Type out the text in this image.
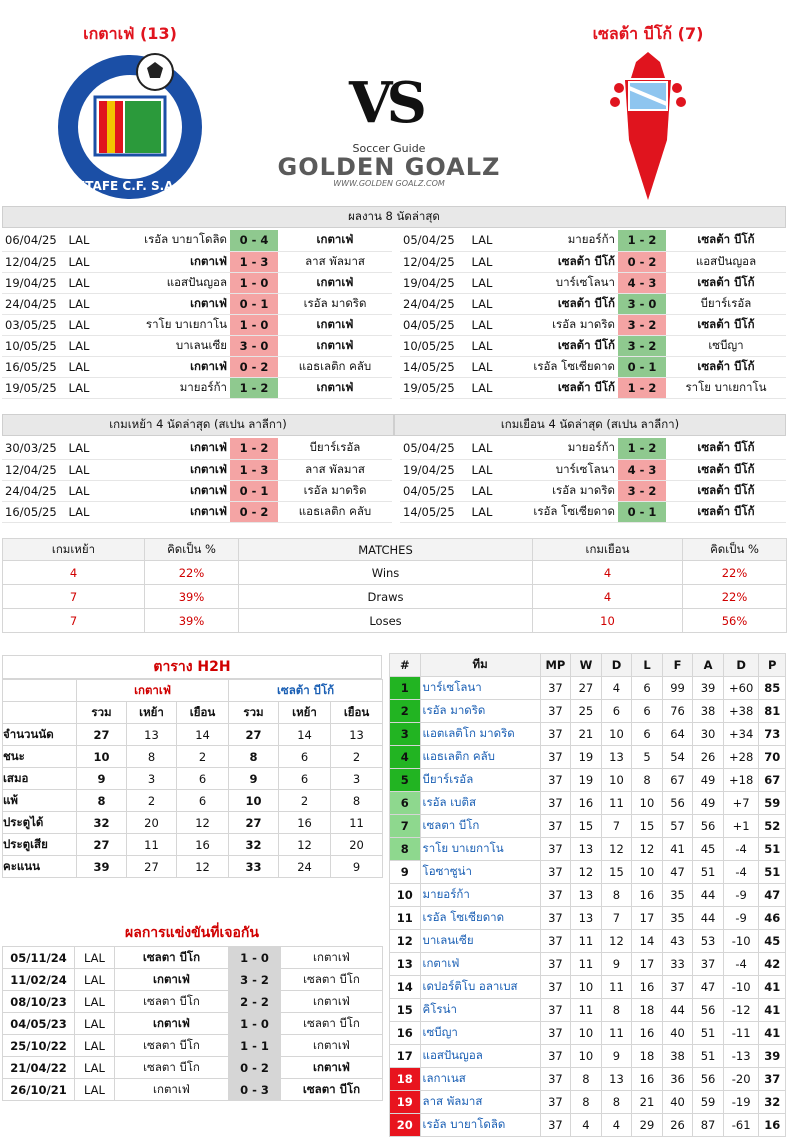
เกตาเฟ่ (13)	เซลต้า บีโก้ (7)
GETAFE C.F. S.A.D.
VS
Soccer Guide
GOLDEN GOALZ
WWW.GOLDEN GOALZ.COM
ผลงาน 8 นัดล่าสุด
06/04/25	LAL	เรอัล บายาโดลิด	0 - 4	เกตาเฟ่
12/04/25	LAL	เกตาเฟ่	1 - 3	ลาส พัลมาส
19/04/25	LAL	แอสปันญอล	1 - 0	เกตาเฟ่
24/04/25	LAL	เกตาเฟ่	0 - 1	เรอัล มาดริด
03/05/25	LAL	ราโย บาเยกาโน	1 - 0	เกตาเฟ่
10/05/25	LAL	บาเลนเซีย	3 - 0	เกตาเฟ่
16/05/25	LAL	เกตาเฟ่	0 - 2	แอธเลติก คลับ
19/05/25	LAL	มายอร์ก้า	1 - 2	เกตาเฟ่
05/04/25	LAL	มายอร์ก้า	1 - 2	เซลต้า บีโก้
12/04/25	LAL	เซลต้า บีโก้	0 - 2	แอสปันญอล
19/04/25	LAL	บาร์เซโลนา	4 - 3	เซลต้า บีโก้
24/04/25	LAL	เซลต้า บีโก้	3 - 0	บียาร์เรอัล
04/05/25	LAL	เรอัล มาดริด	3 - 2	เซลต้า บีโก้
10/05/25	LAL	เซลต้า บีโก้	3 - 2	เซบีญา
14/05/25	LAL	เรอัล โซเซียดาด	0 - 1	เซลต้า บีโก้
19/05/25	LAL	เซลต้า บีโก้	1 - 2	ราโย บาเยกาโน
เกมเหย้า 4 นัดล่าสุด (สเปน ลาลีกา)	เกมเยือน 4 นัดล่าสุด (สเปน ลาลีกา)
30/03/25	LAL	เกตาเฟ่	1 - 2	บียาร์เรอัล
12/04/25	LAL	เกตาเฟ่	1 - 3	ลาส พัลมาส
24/04/25	LAL	เกตาเฟ่	0 - 1	เรอัล มาดริด
16/05/25	LAL	เกตาเฟ่	0 - 2	แอธเลติก คลับ
05/04/25	LAL	มายอร์ก้า	1 - 2	เซลต้า บีโก้
19/04/25	LAL	บาร์เซโลนา	4 - 3	เซลต้า บีโก้
04/05/25	LAL	เรอัล มาดริด	3 - 2	เซลต้า บีโก้
14/05/25	LAL	เรอัล โซเซียดาด	0 - 1	เซลต้า บีโก้
เกมเหย้า	คิดเป็น %	MATCHES	เกมเยือน	คิดเป็น %
4	22%	Wins	4	22%
7	39%	Draws	4	22%
7	39%	Loses	10	56%
ตาราง H2H
	เกตาเฟ่			เซลต้า บีโก้		
	รวม	เหย้า	เยือน	รวม	เหย้า	เยือน
จำนวนนัด	27	13	14	27	14	13
ชนะ	10	8	2	8	6	2
เสมอ	9	3	6	9	6	3
แพ้	8	2	6	10	2	8
ประตูได้	32	20	12	27	16	11
ประตูเสีย	27	11	16	32	12	20
คะแนน	39	27	12	33	24	9

ผลการแข่งขันที่เจอกัน
05/11/24	LAL	เซลตา บีโก	1 - 0	เกตาเฟ่
11/02/24	LAL	เกตาเฟ่	3 - 2	เซลตา บีโก
08/10/23	LAL	เซลตา บีโก	2 - 2	เกตาเฟ่
04/05/23	LAL	เกตาเฟ่	1 - 0	เซลตา บีโก
25/10/22	LAL	เซลตา บีโก	1 - 1	เกตาเฟ่
21/04/22	LAL	เซลตา บีโก	0 - 2	เกตาเฟ่
26/10/21	LAL	เกตาเฟ่	0 - 3	เซลตา บีโก
#	ทีม	MP	W	D	L	F	A	D	P
1	บาร์เซโลนา	37	27	4	6	99	39	+60	85
2	เรอัล มาดริด	37	25	6	6	76	38	+38	81
3	แอตเลติโก มาดริด	37	21	10	6	64	30	+34	73
4	แอธเลติก คลับ	37	19	13	5	54	26	+28	70
5	บียาร์เรอัล	37	19	10	8	67	49	+18	67
6	เรอัล เบติส	37	16	11	10	56	49	+7	59
7	เซลตา บีโก	37	15	7	15	57	56	+1	52
8	ราโย บาเยกาโน	37	13	12	12	41	45	-4	51
9	โอซาซูน่า	37	12	15	10	47	51	-4	51
10	มายอร์ก้า	37	13	8	16	35	44	-9	47
11	เรอัล โซเซียดาด	37	13	7	17	35	44	-9	46
12	บาเลนเซีย	37	11	12	14	43	53	-10	45
13	เกตาเฟ่	37	11	9	17	33	37	-4	42
14	เดปอร์ติโบ อลาเบส	37	10	11	16	37	47	-10	41
15	คิโรน่า	37	11	8	18	44	56	-12	41
16	เซบีญา	37	10	11	16	40	51	-11	41
17	แอสปันญอล	37	10	9	18	38	51	-13	39
18	เลกาเนส	37	8	13	16	36	56	-20	37
19	ลาส พัลมาส	37	8	8	21	40	59	-19	32
20	เรอัล บายาโดลิด	37	4	4	29	26	87	-61	16
